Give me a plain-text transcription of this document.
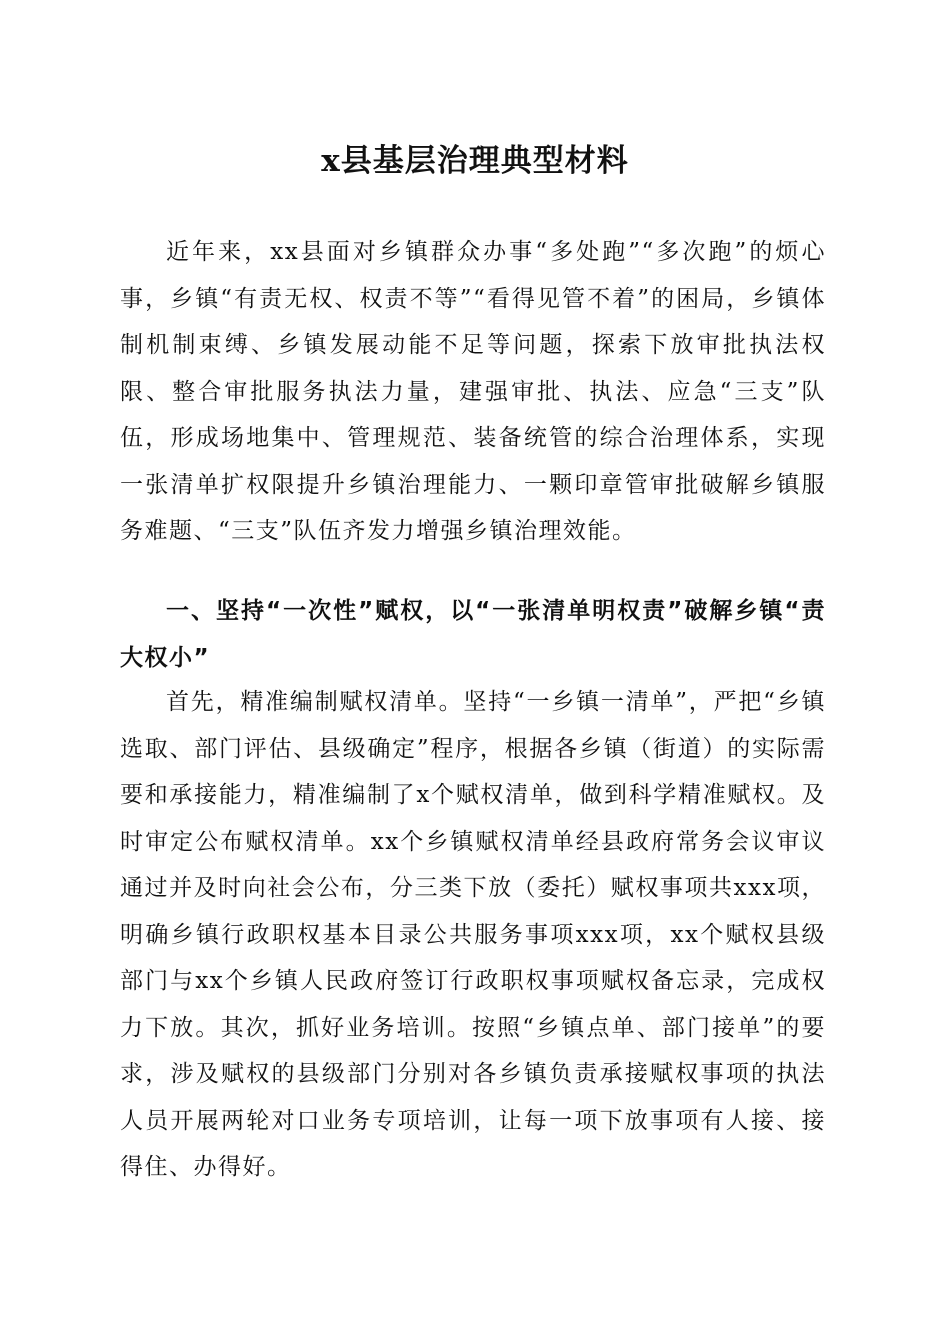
x县基层治理典型材料

近年来，xx县面对乡镇群众办事“多处跑”“多次跑”的烦心事，乡镇“有责无权、权责不等”“看得见管不着”的困局，乡镇体制机制束缚、乡镇发展动能不足等问题，探索下放审批执法权限、整合审批服务执法力量，建强审批、执法、应急“三支”队伍，形成场地集中、管理规范、装备统管的综合治理体系，实现一张清单扩权限提升乡镇治理能力、一颗印章管审批破解乡镇服务难题、“三支”队伍齐发力增强乡镇治理效能。

一、坚持“一次性”赋权，以“一张清单明权责”破解乡镇“责大权小”

首先，精准编制赋权清单。坚持“一乡镇一清单”，严把“乡镇选取、部门评估、县级确定”程序，根据各乡镇（街道）的实际需要和承接能力，精准编制了x个赋权清单，做到科学精准赋权。及时审定公布赋权清单。xx个乡镇赋权清单经县政府常务会议审议通过并及时向社会公布，分三类下放（委托）赋权事项共xxx项，明确乡镇行政职权基本目录公共服务事项xxx项，xx个赋权县级部门与xx个乡镇人民政府签订行政职权事项赋权备忘录，完成权力下放。其次，抓好业务培训。按照“乡镇点单、部门接单”的要求，涉及赋权的县级部门分别对各乡镇负责承接赋权事项的执法人员开展两轮对口业务专项培训，让每一项下放事项有人接、接得住、办得好。
